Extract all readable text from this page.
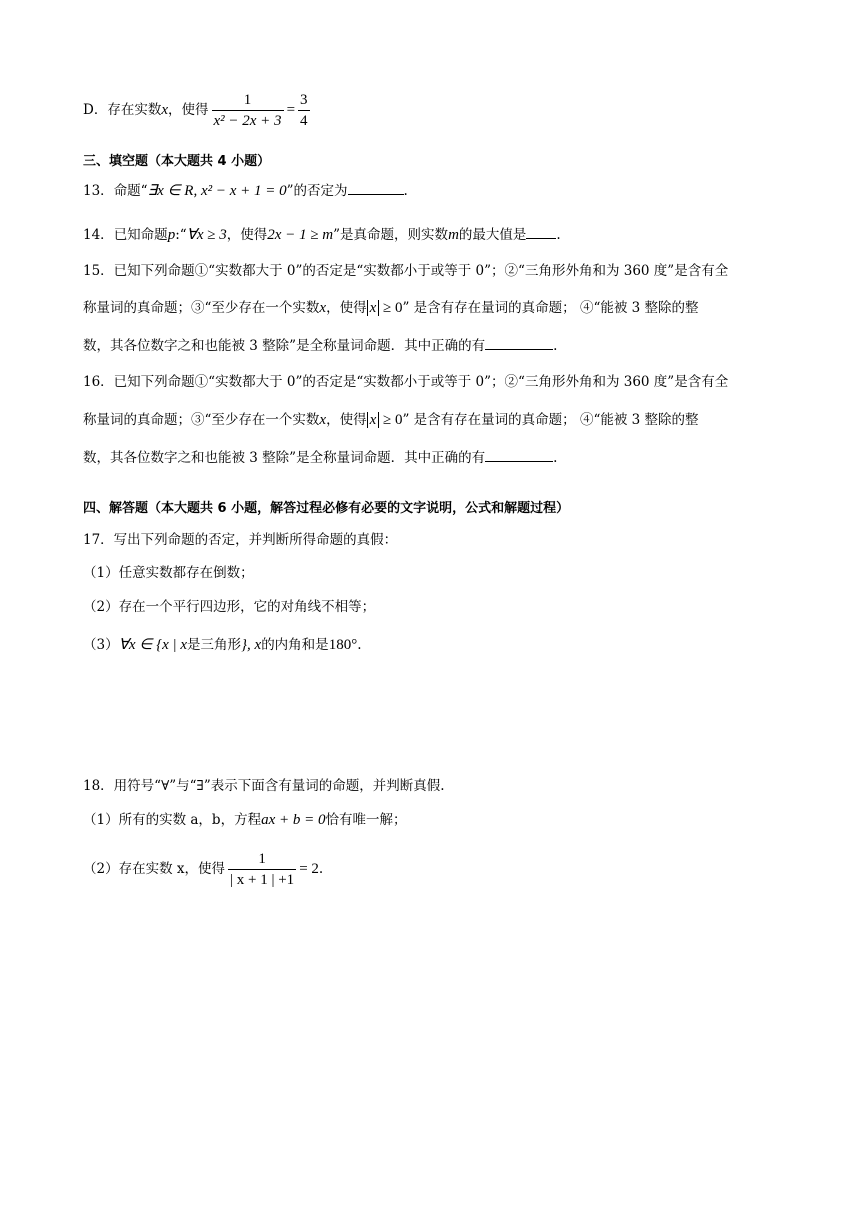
D．存在实数x，使得 $\frac{1}{\text{x² − 2x + 3}} = \frac{3}{4}$
三、填空题（本大题共 4 小题）
13．命题“∃x ∈ R, x² − x + 1 = 0”的否定为	.
14．已知命题p:“∀x ≥ 3，使得2x − 1 ≥ m”是真命题，则实数m的最大值是 .
15．已知下列命题①“实数都大于 0”的否定是“实数都小于或等于 0”；②“三角形外角和为 360 度”是含有全
称量词的真命题；③“至少存在一个实数x，使得 x ≥ 0” 是含有存在量词的真命题； ④“能被 3 整除的整
数，其各位数字之和也能被 3 整除”是全称量词命题．其中正确的有	.
16．已知下列命题①“实数都大于 0”的否定是“实数都小于或等于 0”；②“三角形外角和为 360 度”是含有全
称量词的真命题；③“至少存在一个实数x，使得 x ≥ 0” 是含有存在量词的真命题； ④“能被 3 整除的整
数，其各位数字之和也能被 3 整除”是全称量词命题．其中正确的有	.
四、解答题（本大题共 6 小题，解答过程必修有必要的文字说明，公式和解题过程）
17．写出下列命题的否定，并判断所得命题的真假：
（1）任意实数都存在倒数；
（2）存在一个平行四边形，它的对角线不相等；
（3）∀x ∈ {x | x是三角形}, x的内角和是180°.
18．用符号“∀”与“∃”表示下面含有量词的命题，并判断真假.
（1）所有的实数 a，b，方程ax + b = 0恰有唯一解；
（2）存在实数 x，使得 $\frac{1}{| x + 1 | +1} = 2$.
